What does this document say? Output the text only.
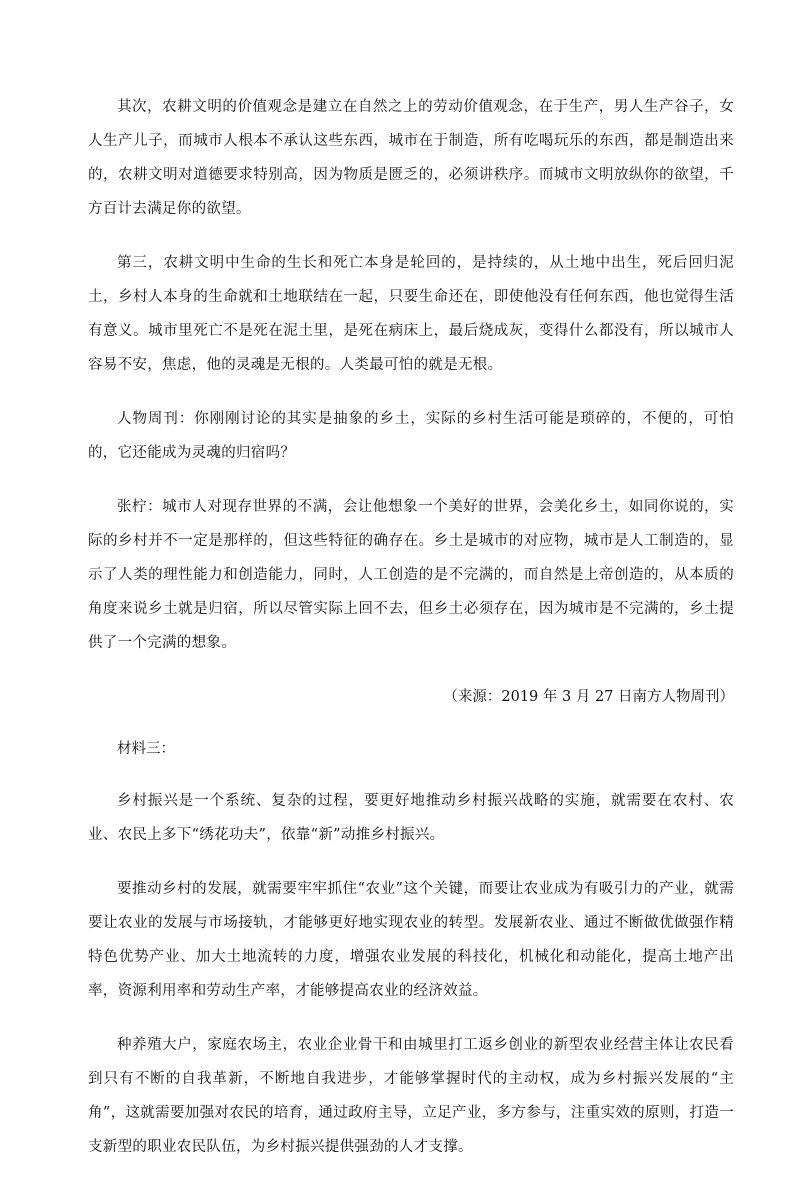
其次，农耕文明的价值观念是建立在自然之上的劳动价值观念，在于生产，男人生产谷子，女人生产儿子，而城市人根本不承认这些东西，城市在于制造，所有吃喝玩乐的东西，都是制造出来的，农耕文明对道德要求特别高，因为物质是匮乏的，必须讲秩序。而城市文明放纵你的欲望，千方百计去满足你的欲望。

第三，农耕文明中生命的生长和死亡本身是轮回的，是持续的，从土地中出生，死后回归泥土，乡村人本身的生命就和土地联结在一起，只要生命还在，即使他没有任何东西，他也觉得生活有意义。城市里死亡不是死在泥土里，是死在病床上，最后烧成灰，变得什么都没有，所以城市人容易不安，焦虑，他的灵魂是无根的。人类最可怕的就是无根。

人物周刊：你刚刚讨论的其实是抽象的乡土，实际的乡村生活可能是琐碎的，不便的，可怕的，它还能成为灵魂的归宿吗？

张柠：城市人对现存世界的不满，会让他想象一个美好的世界，会美化乡土，如同你说的，实际的乡村并不一定是那样的，但这些特征的确存在。乡土是城市的对应物，城市是人工制造的，显示了人类的理性能力和创造能力，同时，人工创造的是不完满的，而自然是上帝创造的，从本质的角度来说乡土就是归宿，所以尽管实际上回不去，但乡土必须存在，因为城市是不完满的，乡土提供了一个完满的想象。

（来源：2019 年 3 月 27 日南方人物周刊）

材料三：

乡村振兴是一个系统、复杂的过程，要更好地推动乡村振兴战略的实施，就需要在农村、农业、农民上多下“绣花功夫”，依靠“新”动推乡村振兴。

要推动乡村的发展，就需要牢牢抓住“农业”这个关键，而要让农业成为有吸引力的产业，就需要让农业的发展与市场接轨，才能够更好地实现农业的转型。发展新农业、通过不断做优做强作精特色优势产业、加大土地流转的力度，增强农业发展的科技化，机械化和动能化，提高土地产出率，资源利用率和劳动生产率，才能够提高农业的经济效益。

种养殖大户，家庭农场主，农业企业骨干和由城里打工返乡创业的新型农业经营主体让农民看到只有不断的自我革新，不断地自我进步，才能够掌握时代的主动权，成为乡村振兴发展的“主角”，这就需要加强对农民的培育，通过政府主导，立足产业，多方参与，注重实效的原则，打造一支新型的职业农民队伍，为乡村振兴提供强劲的人才支撑。
